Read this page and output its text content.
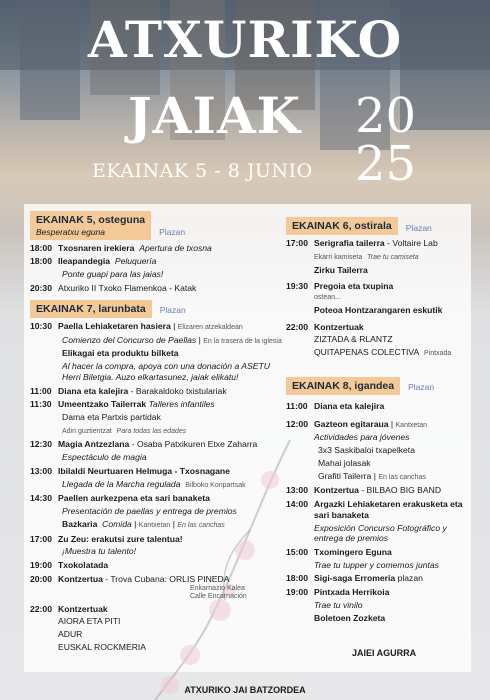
ATXURIKO
JAIAK 20
25
EKAINAK 5 - 8 JUNIO
EKAINAK 5, osteguna
Besperatxu eguna	Plazan
18:00 Txosnaren irekiera Apertura de txosna
18:00 Ileapandegia Peluquería
Ponte guapi para las jaias!
20:30 Atxuriko II Txoko Flamenkoa - Katak
EKAINAK 7, larunbata Plazan
10:30 Paella Lehiaketaren hasiera | Elizaren atzekaldean
Comienzo del Concurso de Paellas | En la trasera de la iglesia
Elikagai eta produktu bilketa
Al hacer la compra, apoya con una donación a ASETU Herri Biletgia. Auzo elkartasunez, jaiak elikatu!
11:00 Diana eta kalejira - Barakaldoko txistulariak
11:30 Umeentzako Tailerrak Talleres infantiles
Dama eta Partxis partidak
Adin guztientzat Para todas las edades
12:30 Magia Antzezlana - Osaba Patxikuren Etxe Zaharra
Espectáculo de magia
13:00 Ibilaldi Neurtuaren Helmuga - Txosnagane
Llegada de la Marcha regulada Bilboko Konpartsak
14:30 Paellen aurkezpena eta sari banaketa
Presentación de paellas y entrega de premios
Bazkaria Comida | Kantxetan | En las canchas
17:00 Zu Zeu: erakutsi zure talentua!
¡Muestra tu talento!
19:00 Txokolatada
20:00 Kontzertua - Trova Cubana: ORLIS PINEDA
Enkarnazio Kalea
Calle Encarnación
22:00 Kontzertuak
AIORA ETA PITI
ADUR
EUSKAL ROCKMERIA
EKAINAK 6, ostirala Plazan
17:00 Serigrafia tailerra - Voltaire Lab
Ekarri kamiseta Trae tu camiseta
Zirku Tailerra
19:30 Pregoia eta txupina
ostean...
Poteoa Hontzarangaren eskutik
22:00 Kontzertuak
ZIZTADA & RLANTZ
QUITAPENAS COLECTIVA Pintxada
EKAINAK 8, igandea Plazan
11:00 Diana eta kalejira
12:00 Gazteon egitaraua | Kantxetan
Actividades para jóvenes
3x3 Saskibaloi txapelketa
Mahai jolasak
Grafiti Tailerra | En las canchas
13:00 Kontzertua - BILBAO BIG BAND
14:00 Argazki Lehiaketaren erakusketa eta sari banaketa
Exposición Concurso Fotográfico y entrega de premios
15:00 Txomingero Eguna
Trae tu tupper y comemos juntas
18:00 Sigi-saga Erromeria plazan
19:00 Pintxada Herrikoia
Trae tu vinilo
Boletoen Zozketa
JAIEI AGURRA
ATXURIKO JAI BATZORDEA
